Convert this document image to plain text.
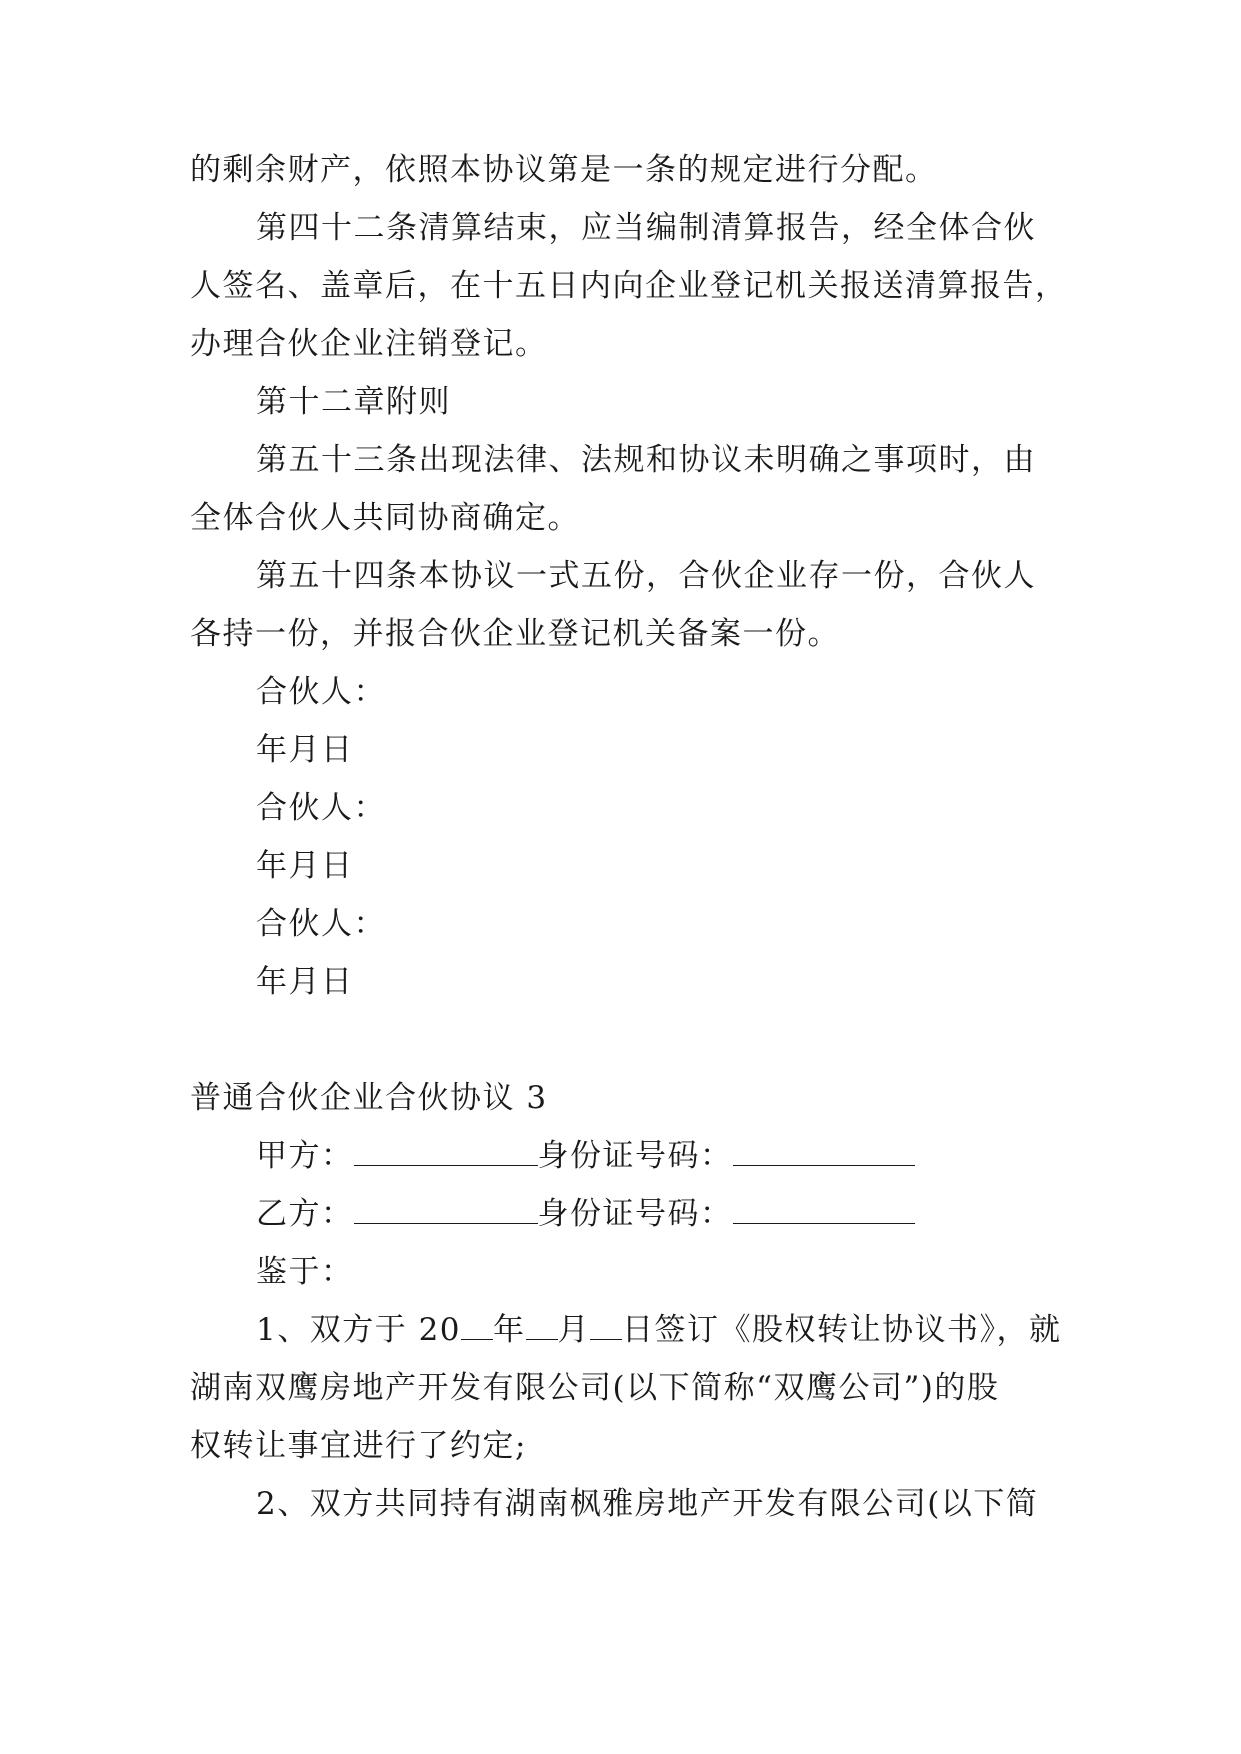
的剩余财产，依照本协议第是一条的规定进行分配。
第四十二条清算结束，应当编制清算报告，经全体合伙
人签名、盖章后，在十五日内向企业登记机关报送清算报告，
办理合伙企业注销登记。
第十二章附则
第五十三条出现法律、法规和协议未明确之事项时，由
全体合伙人共同协商确定。
第五十四条本协议一式五份，合伙企业存一份，合伙人
各持一份，并报合伙企业登记机关备案一份。
合伙人：
年月日
合伙人：
年月日
合伙人：
年月日
普通合伙企业合伙协议 3
甲方：	身份证号码：
乙方：	身份证号码：
鉴于：
1、双方于 20 年 月 日签订《股权转让协议书》，就
湖南双鹰房地产开发有限公司(以下简称“双鹰公司”)的股
权转让事宜进行了约定;
2、双方共同持有湖南枫雅房地产开发有限公司(以下简
